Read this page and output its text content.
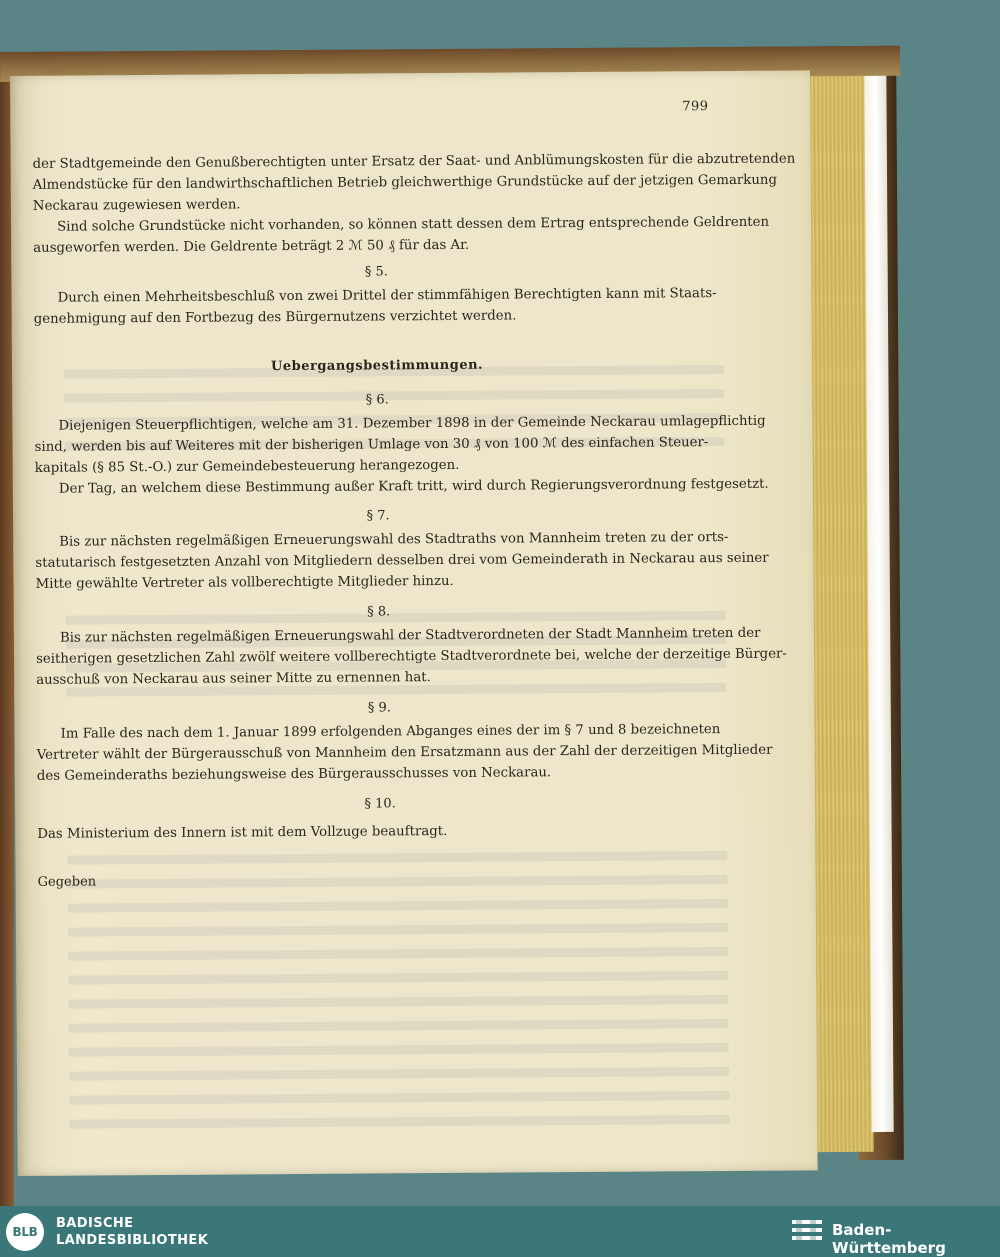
799
der Stadtgemeinde den Genußberechtigten unter Ersatz der Saat- und Anblümungskosten für die abzutretenden
Almendstücke für den landwirthschaftlichen Betrieb gleichwerthige Grundstücke auf der jetzigen Gemarkung
Neckarau zugewiesen werden.
Sind solche Grundstücke nicht vorhanden, so können statt dessen dem Ertrag entsprechende Geldrenten
ausgeworfen werden. Die Geldrente beträgt 2 ℳ 50 ₰ für das Ar.
§ 5.
Durch einen Mehrheitsbeschluß von zwei Drittel der stimmfähigen Berechtigten kann mit Staats-
genehmigung auf den Fortbezug des Bürgernutzens verzichtet werden.
Uebergangsbestimmungen.
§ 6.
Diejenigen Steuerpflichtigen, welche am 31. Dezember 1898 in der Gemeinde Neckarau umlagepflichtig
sind, werden bis auf Weiteres mit der bisherigen Umlage von 30 ₰ von 100 ℳ des einfachen Steuer-
kapitals (§ 85 St.-O.) zur Gemeindebesteuerung herangezogen.
Der Tag, an welchem diese Bestimmung außer Kraft tritt, wird durch Regierungsverordnung festgesetzt.
§ 7.
Bis zur nächsten regelmäßigen Erneuerungswahl des Stadtraths von Mannheim treten zu der orts-
statutarisch festgesetzten Anzahl von Mitgliedern desselben drei vom Gemeinderath in Neckarau aus seiner
Mitte gewählte Vertreter als vollberechtigte Mitglieder hinzu.
§ 8.
Bis zur nächsten regelmäßigen Erneuerungswahl der Stadtverordneten der Stadt Mannheim treten der
seitherigen gesetzlichen Zahl zwölf weitere vollberechtigte Stadtverordnete bei, welche der derzeitige Bürger-
ausschuß von Neckarau aus seiner Mitte zu ernennen hat.
§ 9.
Im Falle des nach dem 1. Januar 1899 erfolgenden Abganges eines der im § 7 und 8 bezeichneten
Vertreter wählt der Bürgerausschuß von Mannheim den Ersatzmann aus der Zahl der derzeitigen Mitglieder
des Gemeinderaths beziehungsweise des Bürgerausschusses von Neckarau.
§ 10.
Das Ministerium des Innern ist mit dem Vollzuge beauftragt.
Gegeben
BLB
BADISCHE
LANDESBIBLIOTHEK
Baden-Württemberg
